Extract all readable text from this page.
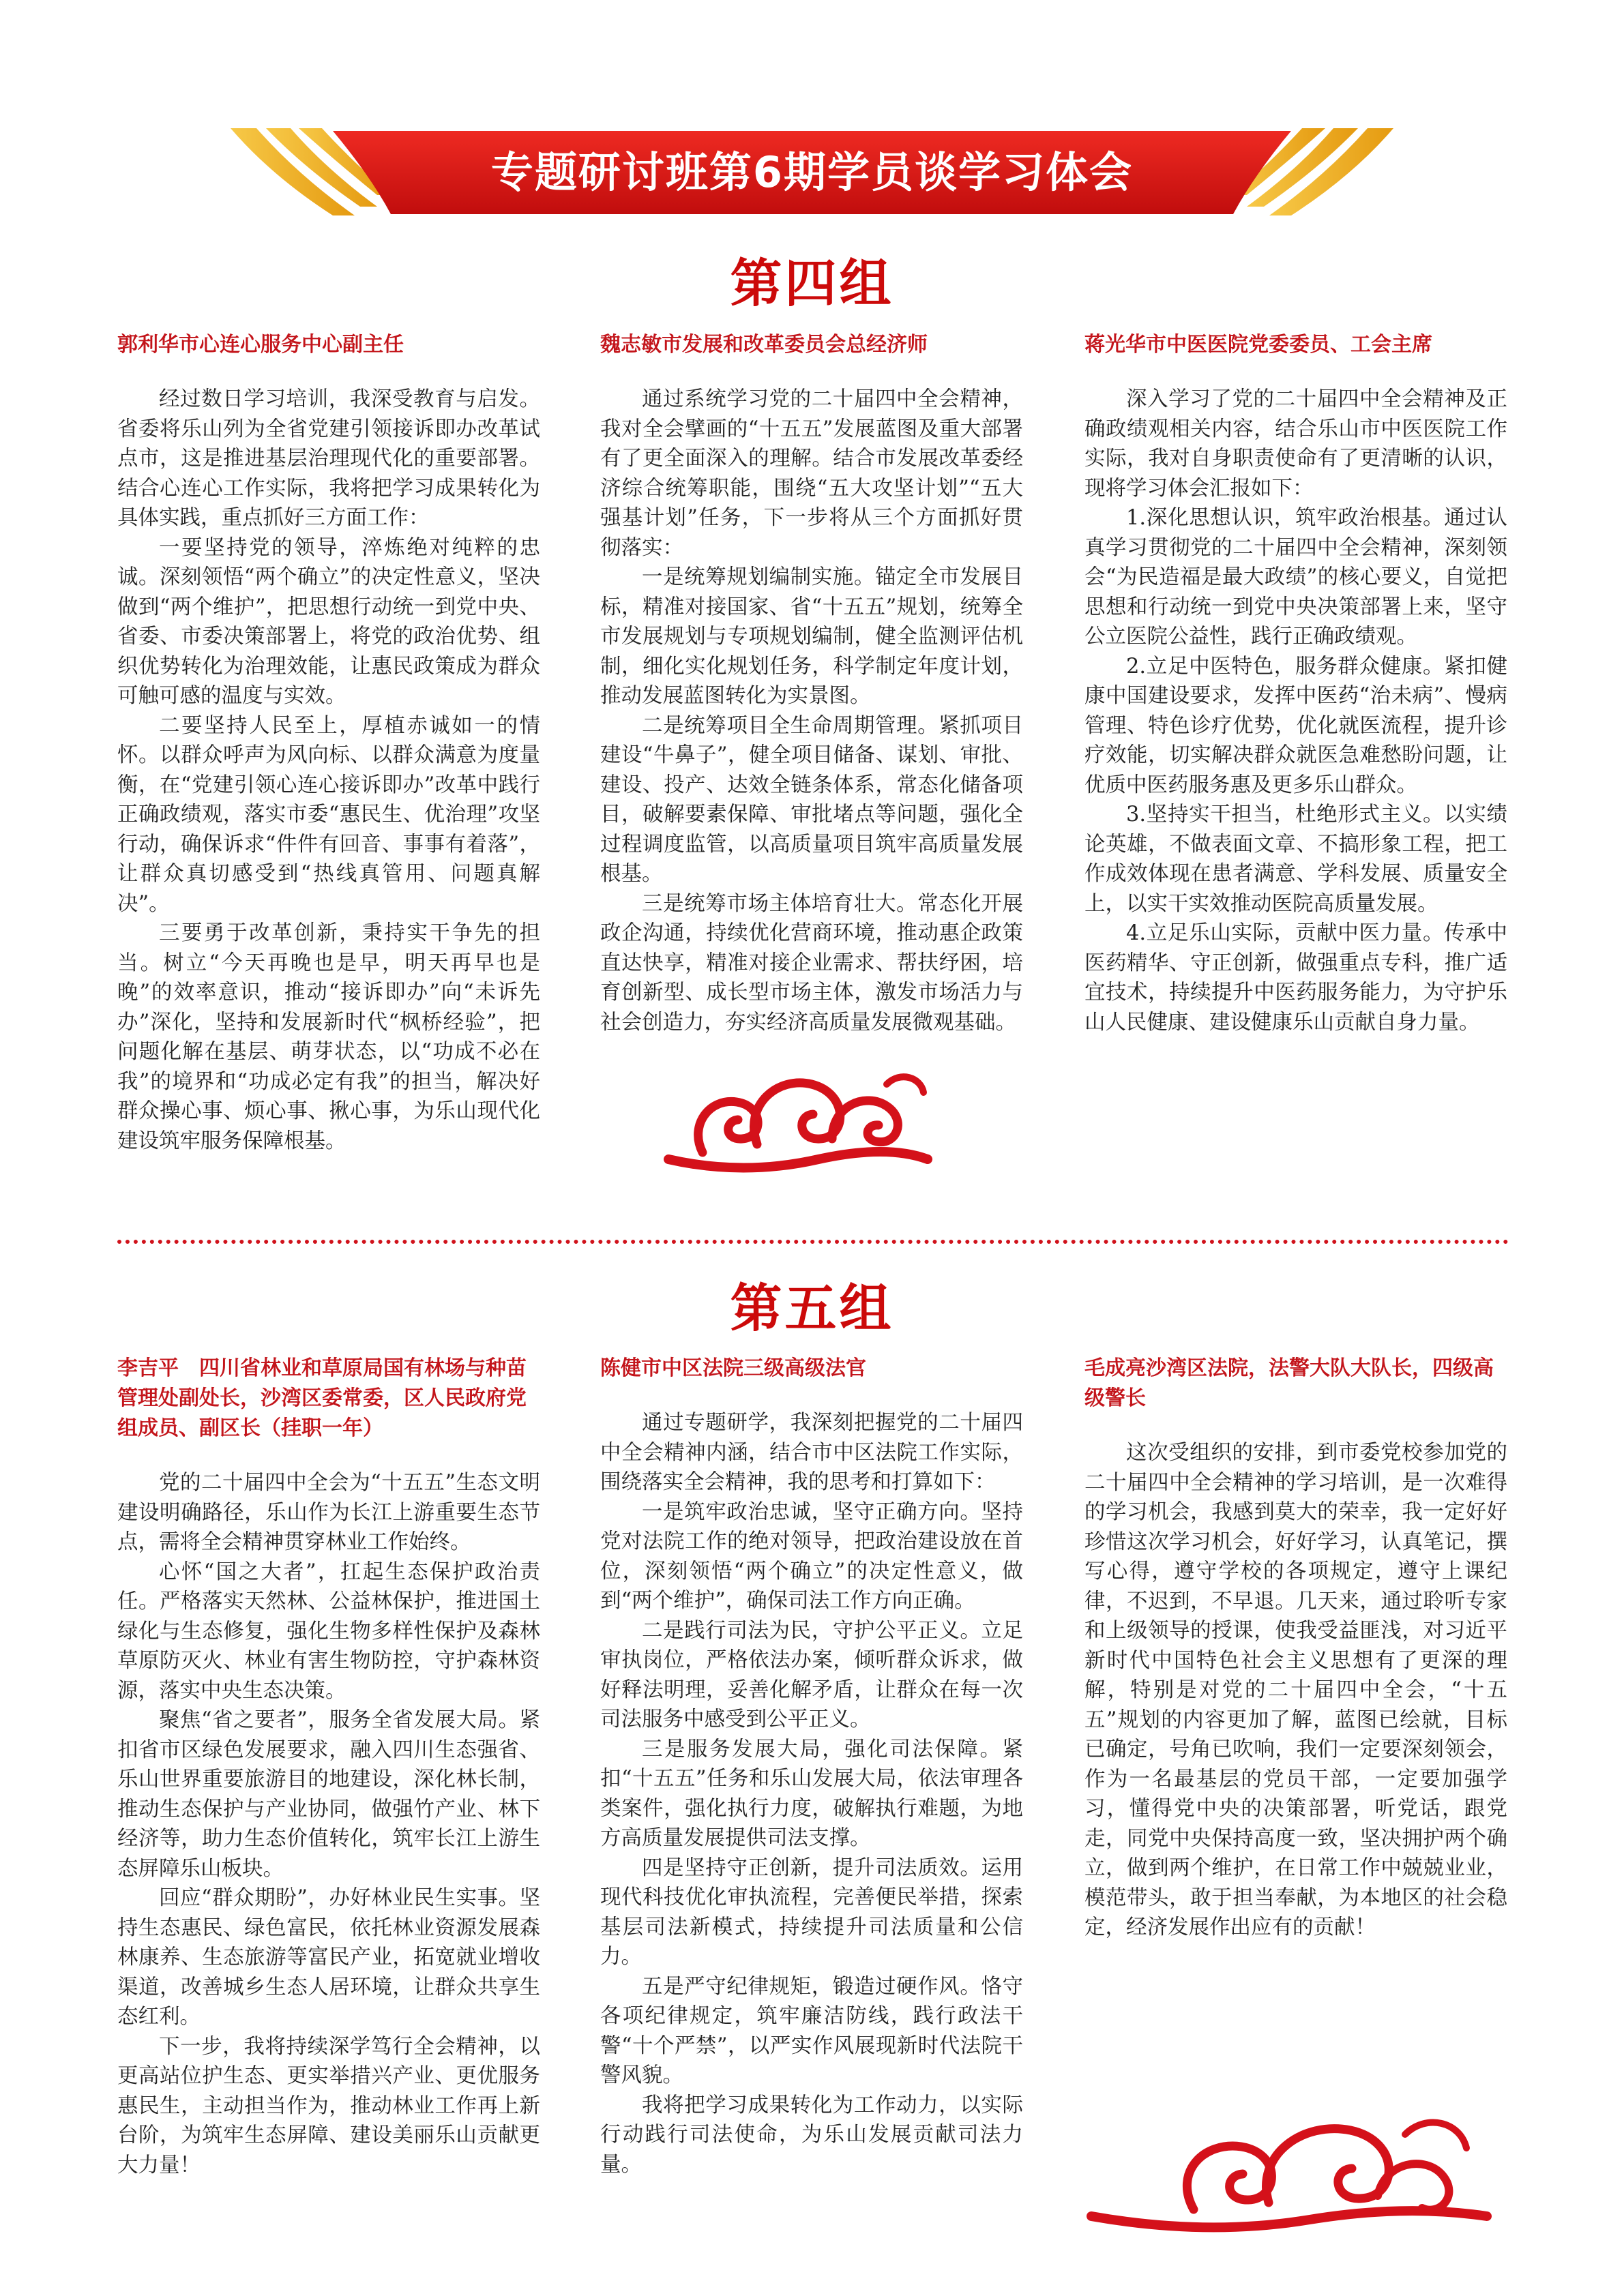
专题研讨班第6期学员谈学习体会
第四组
郭利华市心连心服务中心副主任

经过数日学习培训，我深受教育与启发。省委将乐山列为全省党建引领接诉即办改革试点市，这是推进基层治理现代化的重要部署。结合心连心工作实际，我将把学习成果转化为具体实践，重点抓好三方面工作：

一要坚持党的领导，淬炼绝对纯粹的忠诚。深刻领悟“两个确立”的决定性意义，坚决做到“两个维护”，把思想行动统一到党中央、省委、市委决策部署上，将党的政治优势、组织优势转化为治理效能，让惠民政策成为群众可触可感的温度与实效。

二要坚持人民至上，厚植赤诚如一的情怀。以群众呼声为风向标、以群众满意为度量衡，在“党建引领心连心接诉即办”改革中践行正确政绩观，落实市委“惠民生、优治理”攻坚行动，确保诉求“件件有回音、事事有着落”，让群众真切感受到“热线真管用、问题真解决”。

三要勇于改革创新，秉持实干争先的担当。树立“今天再晚也是早，明天再早也是晚”的效率意识，推动“接诉即办”向“未诉先办”深化，坚持和发展新时代“枫桥经验”，把问题化解在基层、萌芽状态，以“功成不必在我”的境界和“功成必定有我”的担当，解决好群众操心事、烦心事、揪心事，为乐山现代化建设筑牢服务保障根基。

魏志敏市发展和改革委员会总经济师

通过系统学习党的二十届四中全会精神，我对全会擘画的“十五五”发展蓝图及重大部署有了更全面深入的理解。结合市发展改革委经济综合统筹职能，围绕“五大攻坚计划”“五大强基计划”任务，下一步将从三个方面抓好贯彻落实：

一是统筹规划编制实施。锚定全市发展目标，精准对接国家、省“十五五”规划，统筹全市发展规划与专项规划编制，健全监测评估机制，细化实化规划任务，科学制定年度计划，推动发展蓝图转化为实景图。

二是统筹项目全生命周期管理。紧抓项目建设“牛鼻子”，健全项目储备、谋划、审批、建设、投产、达效全链条体系，常态化储备项目，破解要素保障、审批堵点等问题，强化全过程调度监管，以高质量项目筑牢高质量发展根基。

三是统筹市场主体培育壮大。常态化开展政企沟通，持续优化营商环境，推动惠企政策直达快享，精准对接企业需求、帮扶纾困，培育创新型、成长型市场主体，激发市场活力与社会创造力，夯实经济高质量发展微观基础。

蒋光华市中医医院党委委员、工会主席

深入学习了党的二十届四中全会精神及正确政绩观相关内容，结合乐山市中医医院工作实际，我对自身职责使命有了更清晰的认识，现将学习体会汇报如下：

1.深化思想认识，筑牢政治根基。通过认真学习贯彻党的二十届四中全会精神，深刻领会“为民造福是最大政绩”的核心要义，自觉把思想和行动统一到党中央决策部署上来，坚守公立医院公益性，践行正确政绩观。

2.立足中医特色，服务群众健康。紧扣健康中国建设要求，发挥中医药“治未病”、慢病管理、特色诊疗优势，优化就医流程，提升诊疗效能，切实解决群众就医急难愁盼问题，让优质中医药服务惠及更多乐山群众。

3.坚持实干担当，杜绝形式主义。以实绩论英雄，不做表面文章、不搞形象工程，把工作成效体现在患者满意、学科发展、质量安全上，以实干实效推动医院高质量发展。

4.立足乐山实际，贡献中医力量。传承中医药精华、守正创新，做强重点专科，推广适宜技术，持续提升中医药服务能力，为守护乐山人民健康、建设健康乐山贡献自身力量。

第五组
李吉平　四川省林业和草原局国有林场与种苗管理处副处长，沙湾区委常委，区人民政府党组成员、副区长（挂职一年）

党的二十届四中全会为“十五五”生态文明建设明确路径，乐山作为长江上游重要生态节点，需将全会精神贯穿林业工作始终。

心怀“国之大者”，扛起生态保护政治责任。严格落实天然林、公益林保护，推进国土绿化与生态修复，强化生物多样性保护及森林草原防灭火、林业有害生物防控，守护森林资源，落实中央生态决策。

聚焦“省之要者”，服务全省发展大局。紧扣省市区绿色发展要求，融入四川生态强省、乐山世界重要旅游目的地建设，深化林长制，推动生态保护与产业协同，做强竹产业、林下经济等，助力生态价值转化，筑牢长江上游生态屏障乐山板块。

回应“群众期盼”，办好林业民生实事。坚持生态惠民、绿色富民，依托林业资源发展森林康养、生态旅游等富民产业，拓宽就业增收渠道，改善城乡生态人居环境，让群众共享生态红利。

下一步，我将持续深学笃行全会精神，以更高站位护生态、更实举措兴产业、更优服务惠民生，主动担当作为，推动林业工作再上新台阶，为筑牢生态屏障、建设美丽乐山贡献更大力量！

陈健市中区法院三级高级法官

通过专题研学，我深刻把握党的二十届四中全会精神内涵，结合市中区法院工作实际，围绕落实全会精神，我的思考和打算如下：

一是筑牢政治忠诚，坚守正确方向。坚持党对法院工作的绝对领导，把政治建设放在首位，深刻领悟“两个确立”的决定性意义，做到“两个维护”，确保司法工作方向正确。

二是践行司法为民，守护公平正义。立足审执岗位，严格依法办案，倾听群众诉求，做好释法明理，妥善化解矛盾，让群众在每一次司法服务中感受到公平正义。

三是服务发展大局，强化司法保障。紧扣“十五五”任务和乐山发展大局，依法审理各类案件，强化执行力度，破解执行难题，为地方高质量发展提供司法支撑。

四是坚持守正创新，提升司法质效。运用现代科技优化审执流程，完善便民举措，探索基层司法新模式，持续提升司法质量和公信力。

五是严守纪律规矩，锻造过硬作风。恪守各项纪律规定，筑牢廉洁防线，践行政法干警“十个严禁”，以严实作风展现新时代法院干警风貌。

我将把学习成果转化为工作动力，以实际行动践行司法使命，为乐山发展贡献司法力量。

毛成亮沙湾区法院，法警大队大队长，四级高级警长

这次受组织的安排，到市委党校参加党的二十届四中全会精神的学习培训，是一次难得的学习机会，我感到莫大的荣幸，我一定好好珍惜这次学习机会，好好学习，认真笔记，撰写心得，遵守学校的各项规定，遵守上课纪律，不迟到，不早退。几天来，通过聆听专家和上级领导的授课，使我受益匪浅，对习近平新时代中国特色社会主义思想有了更深的理解，特别是对党的二十届四中全会，“十五五”规划的内容更加了解，蓝图已绘就，目标已确定，号角已吹响，我们一定要深刻领会，作为一名最基层的党员干部，一定要加强学习，懂得党中央的决策部署，听党话，跟党走，同党中央保持高度一致，坚决拥护两个确立，做到两个维护，在日常工作中兢兢业业，模范带头，敢于担当奉献，为本地区的社会稳定，经济发展作出应有的贡献！
